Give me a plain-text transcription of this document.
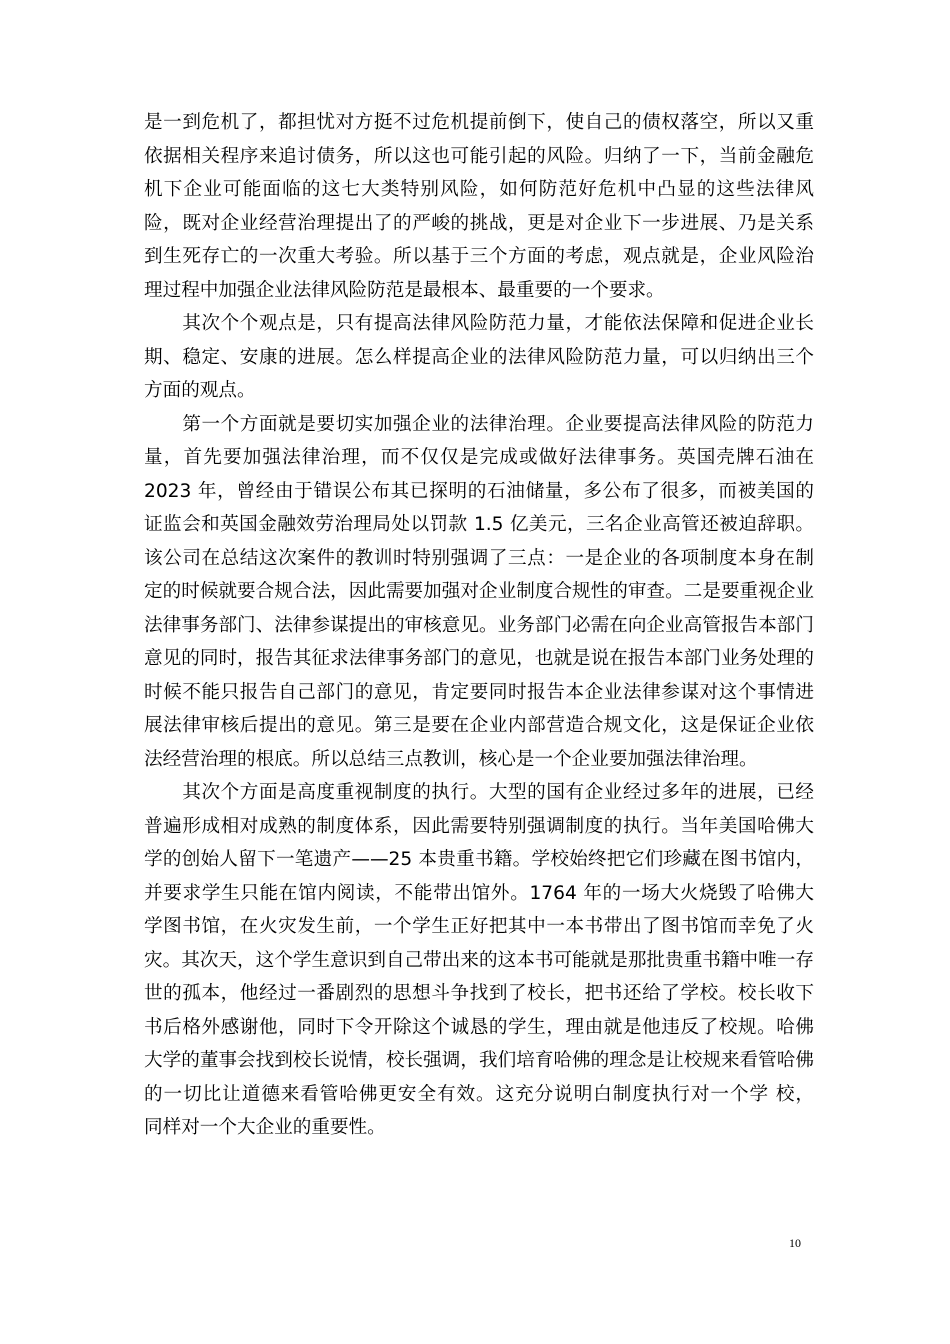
是一到危机了，都担忧对方挺不过危机提前倒下，使自己的债权落空，所以又重
依据相关程序来追讨债务，所以这也可能引起的风险。归纳了一下，当前金融危
机下企业可能面临的这七大类特别风险，如何防范好危机中凸显的这些法律风
险，既对企业经营治理提出了的严峻的挑战，更是对企业下一步进展、乃是关系
到生死存亡的一次重大考验。所以基于三个方面的考虑，观点就是，企业风险治
理过程中加强企业法律风险防范是最根本、最重要的一个要求。
　　其次个个观点是，只有提高法律风险防范力量，才能依法保障和促进企业长
期、稳定、安康的进展。怎么样提高企业的法律风险防范力量，可以归纳出三个
方面的观点。
　　第一个方面就是要切实加强企业的法律治理。企业要提高法律风险的防范力
量，首先要加强法律治理，而不仅仅是完成或做好法律事务。英国壳牌石油在
2023 年，曾经由于错误公布其已探明的石油储量，多公布了很多，而被美国的
证监会和英国金融效劳治理局处以罚款 1.5 亿美元，三名企业高管还被迫辞职。
该公司在总结这次案件的教训时特别强调了三点：一是企业的各项制度本身在制
定的时候就要合规合法，因此需要加强对企业制度合规性的审查。二是要重视企业
法律事务部门、法律参谋提出的审核意见。业务部门必需在向企业高管报告本部门
意见的同时，报告其征求法律事务部门的意见，也就是说在报告本部门业务处理的
时候不能只报告自己部门的意见，肯定要同时报告本企业法律参谋对这个事情进
展法律审核后提出的意见。第三是要在企业内部营造合规文化，这是保证企业依
法经营治理的根底。所以总结三点教训，核心是一个企业要加强法律治理。
　　其次个方面是高度重视制度的执行。大型的国有企业经过多年的进展，已经
普遍形成相对成熟的制度体系，因此需要特别强调制度的执行。当年美国哈佛大
学的创始人留下一笔遗产——25 本贵重书籍。学校始终把它们珍藏在图书馆内，
并要求学生只能在馆内阅读，不能带出馆外。1764 年的一场大火烧毁了哈佛大
学图书馆，在火灾发生前，一个学生正好把其中一本书带出了图书馆而幸免了火
灾。其次天，这个学生意识到自己带出来的这本书可能就是那批贵重书籍中唯一存
世的孤本，他经过一番剧烈的思想斗争找到了校长，把书还给了学校。校长收下
书后格外感谢他，同时下令开除这个诚恳的学生，理由就是他违反了校规。哈佛
大学的董事会找到校长说情，校长强调，我们培育哈佛的理念是让校规来看管哈佛
的一切比让道德来看管哈佛更安全有效。这充分说明白制度执行对一个学 校，
同样对一个大企业的重要性。
10
